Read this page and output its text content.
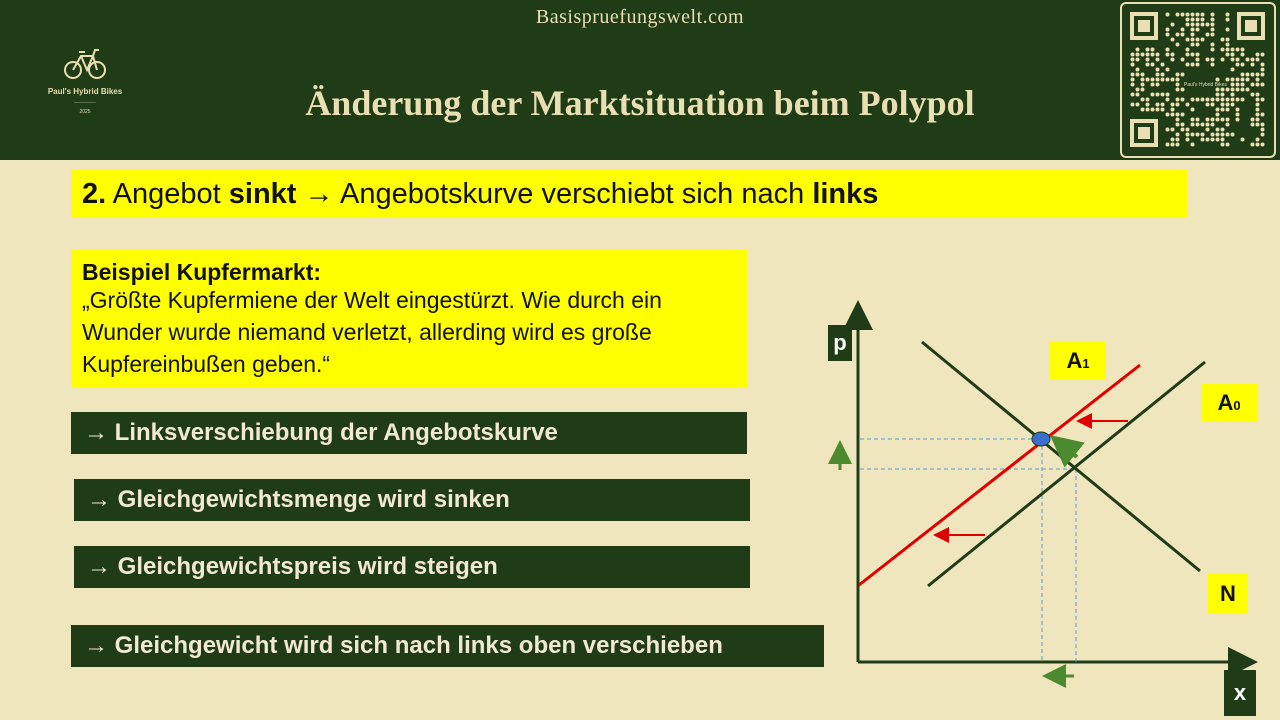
Basispruefungswelt.com
Änderung der Marktsituation beim Polypol
Paul's Hybrid Bikes
──────
2025
Paul's Hybrid Bikes
2. Angebot sinkt → Angebotskurve verschiebt sich nach links
Beispiel Kupfermarkt:
„Größte Kupfermiene der Welt eingestürzt. Wie durch ein Wunder wurde niemand verletzt, allerding wird es große Kupfereinbußen geben.“
→ Linksverschiebung der Angebotskurve
→ Gleichgewichtsmenge wird sinken
→ Gleichgewichtspreis wird steigen
→ Gleichgewicht wird sich nach links oben verschieben
p
x
A1
A0
N
